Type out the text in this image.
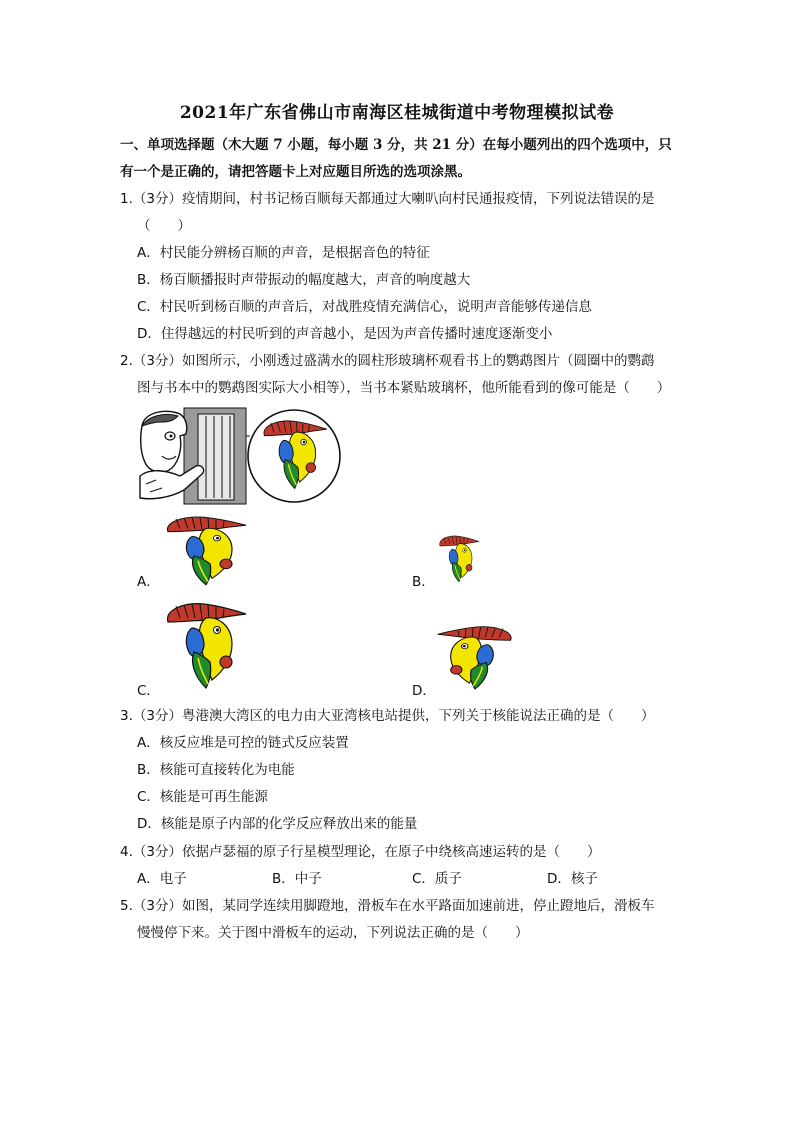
2021年广东省佛山市南海区桂城街道中考物理模拟试卷
一、单项选择题（木大题 7 小题，每小题 3 分，共 21 分）在每小题列出的四个选项中，只
有一个是正确的，请把答题卡上对应题目所选的选项涂黑。
1.（3分）疫情期间，村书记杨百顺每天都通过大喇叭向村民通报疫情，下列说法错误的是
（　　）
A．村民能分辨杨百顺的声音，是根据音色的特征
B．杨百顺播报时声带振动的幅度越大，声音的响度越大
C．村民听到杨百顺的声音后，对战胜疫情充满信心，说明声音能够传递信息
D．住得越远的村民听到的声音越小，是因为声音传播时速度逐渐变小
2.（3分）如图所示，小刚透过盛满水的圆柱形玻璃杯观看书上的鹦鹉图片（圆圈中的鹦鹉
图与书本中的鹦鹉图实际大小相等），当书本紧贴玻璃杯，他所能看到的像可能是（　　）
A．	B．
C．	D．
3.（3分）粤港澳大湾区的电力由大亚湾核电站提供，下列关于核能说法正确的是（　　）
A．核反应堆是可控的链式反应装置
B．核能可直接转化为电能
C．核能是可再生能源
D．核能是原子内部的化学反应释放出来的能量
4.（3分）依据卢瑟福的原子行星模型理论，在原子中绕核高速运转的是（　　）
A．电子	B．中子	C．质子	D．核子
5.（3分）如图，某同学连续用脚蹬地，滑板车在水平路面加速前进，停止蹬地后，滑板车
慢慢停下来。关于图中滑板车的运动，下列说法正确的是（　　）
